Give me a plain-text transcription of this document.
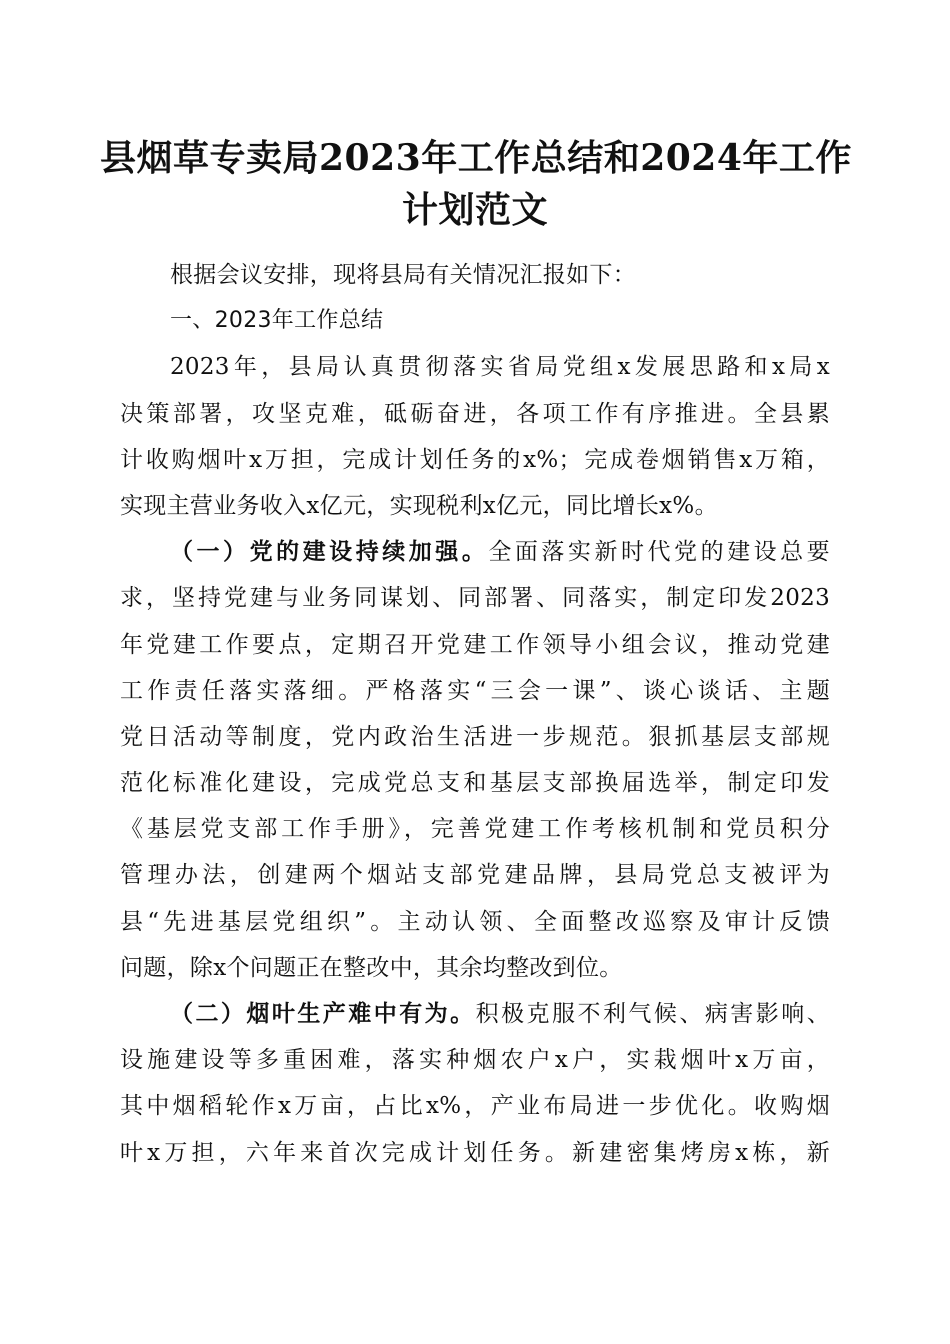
县烟草专卖局2023年工作总结和2024年工作
计划范文
根据会议安排，现将县局有关情况汇报如下：
一、2023年工作总结
2023年，县局认真贯彻落实省局党组x发展思路和x局x
决策部署，攻坚克难，砥砺奋进，各项工作有序推进。全县累
计收购烟叶x万担，完成计划任务的x%；完成卷烟销售x万箱，
实现主营业务收入x亿元，实现税利x亿元，同比增长x%。
（一）党的建设持续加强。全面落实新时代党的建设总要
求，坚持党建与业务同谋划、同部署、同落实，制定印发2023
年党建工作要点，定期召开党建工作领导小组会议，推动党建
工作责任落实落细。严格落实“三会一课”、谈心谈话、主题
党日活动等制度，党内政治生活进一步规范。狠抓基层支部规
范化标准化建设，完成党总支和基层支部换届选举，制定印发
《基层党支部工作手册》，完善党建工作考核机制和党员积分
管理办法，创建两个烟站支部党建品牌，县局党总支被评为
县“先进基层党组织”。主动认领、全面整改巡察及审计反馈
问题，除x个问题正在整改中，其余均整改到位。
（二）烟叶生产难中有为。积极克服不利气候、病害影响、
设施建设等多重困难，落实种烟农户x户，实栽烟叶x万亩，
其中烟稻轮作x万亩，占比x%，产业布局进一步优化。收购烟
叶x万担，六年来首次完成计划任务。新建密集烤房x栋，新
